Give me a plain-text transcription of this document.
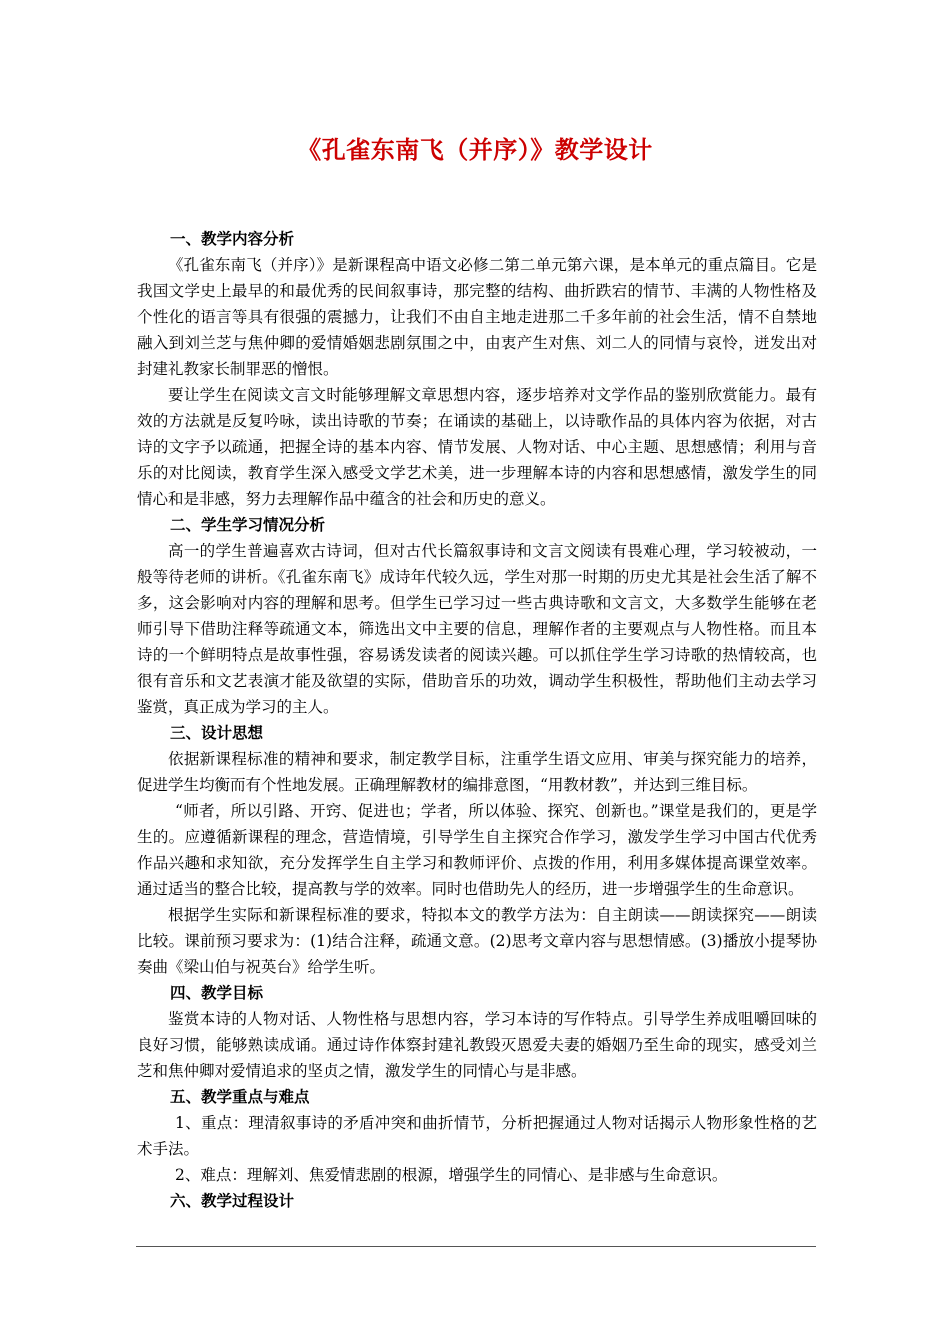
《孔雀东南飞（并序）》教学设计
一、教学内容分析

《孔雀东南飞（并序）》是新课程高中语文必修二第二单元第六课，是本单元的重点篇目。它是我国文学史上最早的和最优秀的民间叙事诗，那完整的结构、曲折跌宕的情节、丰满的人物性格及个性化的语言等具有很强的震撼力，让我们不由自主地走进那二千多年前的社会生活，情不自禁地融入到刘兰芝与焦仲卿的爱情婚姻悲剧氛围之中，由衷产生对焦、刘二人的同情与哀怜，迸发出对封建礼教家长制罪恶的憎恨。

要让学生在阅读文言文时能够理解文章思想内容，逐步培养对文学作品的鉴别欣赏能力。最有效的方法就是反复吟咏，读出诗歌的节奏；在诵读的基础上，以诗歌作品的具体内容为依据，对古诗的文字予以疏通，把握全诗的基本内容、情节发展、人物对话、中心主题、思想感情；利用与音乐的对比阅读，教育学生深入感受文学艺术美，进一步理解本诗的内容和思想感情，激发学生的同情心和是非感，努力去理解作品中蕴含的社会和历史的意义。

二、学生学习情况分析

高一的学生普遍喜欢古诗词，但对古代长篇叙事诗和文言文阅读有畏难心理，学习较被动，一般等待老师的讲析。《孔雀东南飞》成诗年代较久远，学生对那一时期的历史尤其是社会生活了解不多，这会影响对内容的理解和思考。但学生已学习过一些古典诗歌和文言文，大多数学生能够在老师引导下借助注释等疏通文本，筛选出文中主要的信息，理解作者的主要观点与人物性格。而且本诗的一个鲜明特点是故事性强，容易诱发读者的阅读兴趣。可以抓住学生学习诗歌的热情较高，也很有音乐和文艺表演才能及欲望的实际，借助音乐的功效，调动学生积极性，帮助他们主动去学习鉴赏，真正成为学习的主人。

三、设计思想

依据新课程标准的精神和要求，制定教学目标，注重学生语文应用、审美与探究能力的培养，促进学生均衡而有个性地发展。正确理解教材的编排意图，“用教材教”，并达到三维目标。

“师者，所以引路、开窍、促进也；学者，所以体验、探究、创新也。”课堂是我们的，更是学生的。应遵循新课程的理念，营造情境，引导学生自主探究合作学习，激发学生学习中国古代优秀作品兴趣和求知欲，充分发挥学生自主学习和教师评价、点拨的作用，利用多媒体提高课堂效率。通过适当的整合比较，提高教与学的效率。同时也借助先人的经历，进一步增强学生的生命意识。

根据学生实际和新课程标准的要求，特拟本文的教学方法为：自主朗读——朗读探究——朗读比较。课前预习要求为：(1)结合注释，疏通文意。(2)思考文章内容与思想情感。(3)播放小提琴协奏曲《梁山伯与祝英台》给学生听。

四、教学目标

鉴赏本诗的人物对话、人物性格与思想内容，学习本诗的写作特点。引导学生养成咀嚼回味的良好习惯，能够熟读成诵。通过诗作体察封建礼教毁灭恩爱夫妻的婚姻乃至生命的现实，感受刘兰芝和焦仲卿对爱情追求的坚贞之情，激发学生的同情心与是非感。

五、教学重点与难点

1、重点：理清叙事诗的矛盾冲突和曲折情节，分析把握通过人物对话揭示人物形象性格的艺术手法。

2、难点：理解刘、焦爱情悲剧的根源，增强学生的同情心、是非感与生命意识。

六、教学过程设计
